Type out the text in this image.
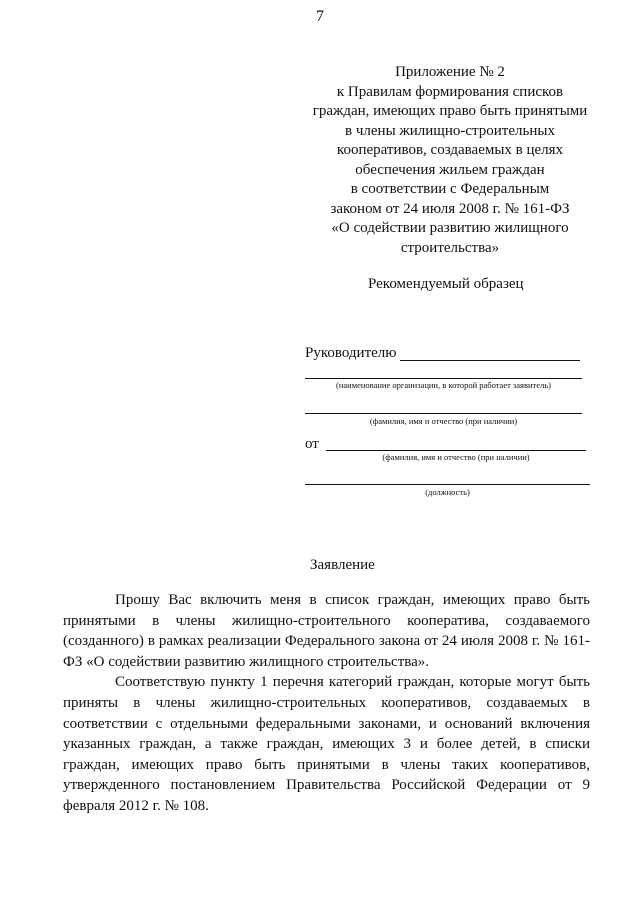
7
Приложение № 2
к Правилам формирования списков
граждан, имеющих право быть принятыми
в члены жилищно-строительных
кооперативов, создаваемых в целях
обеспечения жильем граждан
в соответствии с Федеральным
законом от 24 июля 2008 г. № 161-ФЗ
«О содействии развитию жилищного
строительства»
Рекомендуемый образец
Руководителю
(наименование организации, в которой работает заявитель)
(фамилия, имя и отчество (при наличии)
от
(фамилия, имя и отчество (при наличии)
(должность)
Заявление

Прошу Вас включить меня в список граждан, имеющих право быть принятыми в члены жилищно-строительного кооператива, создаваемого (созданного) в рамках реализации Федерального закона от 24 июля 2008 г. № 161-ФЗ «О содействии развитию жилищного строительства».

Соответствую пункту 1 перечня категорий граждан, которые могут быть приняты в члены жилищно-строительных кооперативов, создаваемых в соответствии с отдельными федеральными законами, и оснований включения указанных граждан, а также граждан, имеющих 3 и более детей, в списки граждан, имеющих право быть принятыми в члены таких кооперативов, утвержденного постановлением Правительства Российской Федерации от 9 февраля 2012 г. № 108.
